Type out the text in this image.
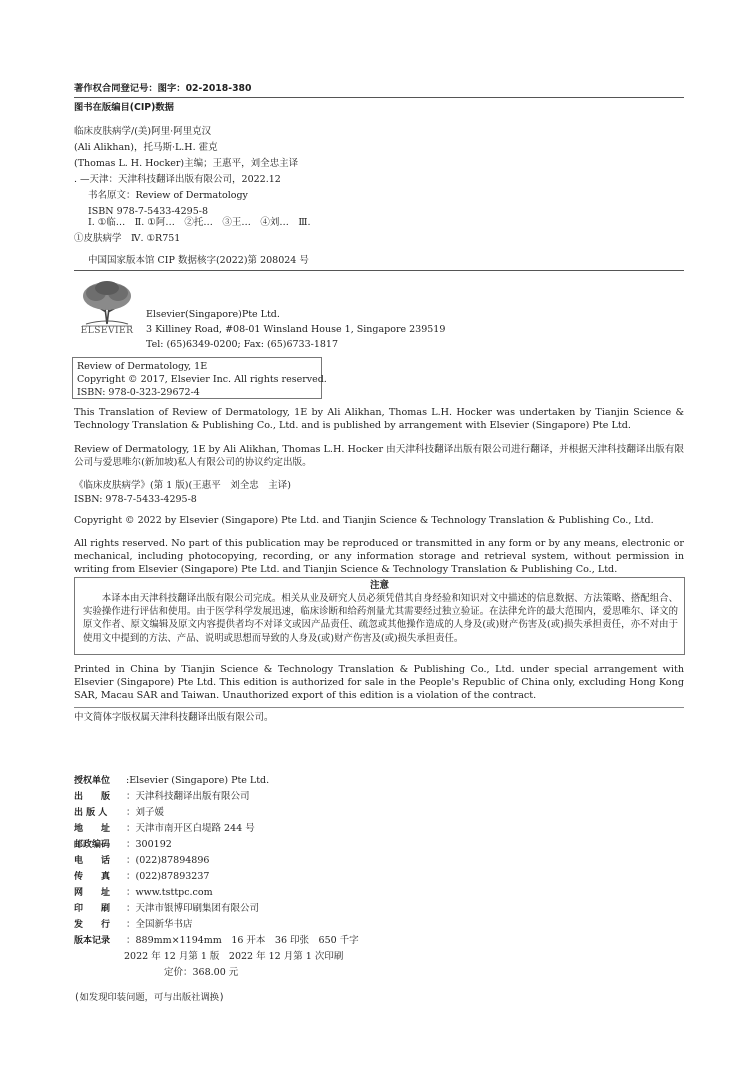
著作权合同登记号：图字：02-2018-380
图书在版编目(CIP)数据
临床皮肤病学/(美)阿里·阿里克汉
(Ali Alikhan)，托马斯·L.H. 霍克
(Thomas L. H. Hocker)主编；王惠平，刘全忠主译
. —天津：天津科技翻译出版有限公司，2022.12
书名原文：Review of Dermatology
ISBN 978-7-5433-4295-8
Ⅰ. ①临…　Ⅱ. ①阿…　②托…　③王…　④刘…　Ⅲ.
①皮肤病学　Ⅳ. ①R751
中国国家版本馆 CIP 数据核字(2022)第 208024 号
ELSEVIER
Elsevier(Singapore)Pte Ltd.
3 Killiney Road, #08-01 Winsland House 1, Singapore 239519
Tel: (65)6349-0200; Fax: (65)6733-1817
Review of Dermatology, 1E
Copyright © 2017, Elsevier Inc. All rights reserved.
ISBN: 978-0-323-29672-4
This Translation of Review of Dermatology, 1E by Ali Alikhan, Thomas L.H. Hocker was undertaken by Tianjin Science & Technology Translation & Publishing Co., Ltd. and is published by arrangement with Elsevier (Singapore) Pte Ltd.
Review of Dermatology, 1E by Ali Alikhan, Thomas L.H. Hocker 由天津科技翻译出版有限公司进行翻译，并根据天津科技翻译出版有限公司与爱思唯尔(新加坡)私人有限公司的协议约定出版。
《临床皮肤病学》(第 1 版)(王惠平　刘全忠　主译)
ISBN: 978-7-5433-4295-8
Copyright © 2022 by Elsevier (Singapore) Pte Ltd. and Tianjin Science & Technology Translation & Publishing Co., Ltd.
All rights reserved. No part of this publication may be reproduced or transmitted in any form or by any means, electronic or mechanical, including photocopying, recording, or any information storage and retrieval system, without permission in writing from Elsevier (Singapore) Pte Ltd. and Tianjin Science & Technology Translation & Publishing Co., Ltd.
注意
本译本由天津科技翻译出版有限公司完成。相关从业及研究人员必须凭借其自身经验和知识对文中描述的信息数据、方法策略、搭配组合、实验操作进行评估和使用。由于医学科学发展迅速，临床诊断和给药剂量尤其需要经过独立验证。在法律允许的最大范围内，爱思唯尔、译文的原文作者、原文编辑及原文内容提供者均不对译文或因产品责任、疏忽或其他操作造成的人身及(或)财产伤害及(或)损失承担责任，亦不对由于使用文中提到的方法、产品、说明或思想而导致的人身及(或)财产伤害及(或)损失承担责任。
Printed in China by Tianjin Science & Technology Translation & Publishing Co., Ltd. under special arrangement with Elsevier (Singapore) Pte Ltd. This edition is authorized for sale in the People's Republic of China only, excluding Hong Kong SAR, Macau SAR and Taiwan. Unauthorized export of this edition is a violation of the contract.
中文简体字版权属天津科技翻译出版有限公司。
授权单位 :Elsevier (Singapore) Pte Ltd.
出　　版 ：天津科技翻译出版有限公司
出 版 人 ：刘子媛
地　　址 ：天津市南开区白堤路 244 号
邮政编码 ：300192
电　　话 ：(022)87894896
传　　真 ：(022)87893237
网　　址 ：www.tsttpc.com
印　　刷 ：天津市银博印刷集团有限公司
发　　行 ：全国新华书店
版本记录 ：889mm×1194mm　16 开本　36 印张　650 千字
2022 年 12 月第 1 版　2022 年 12 月第 1 次印刷
定价：368.00 元
(如发现印装问题，可与出版社调换)
